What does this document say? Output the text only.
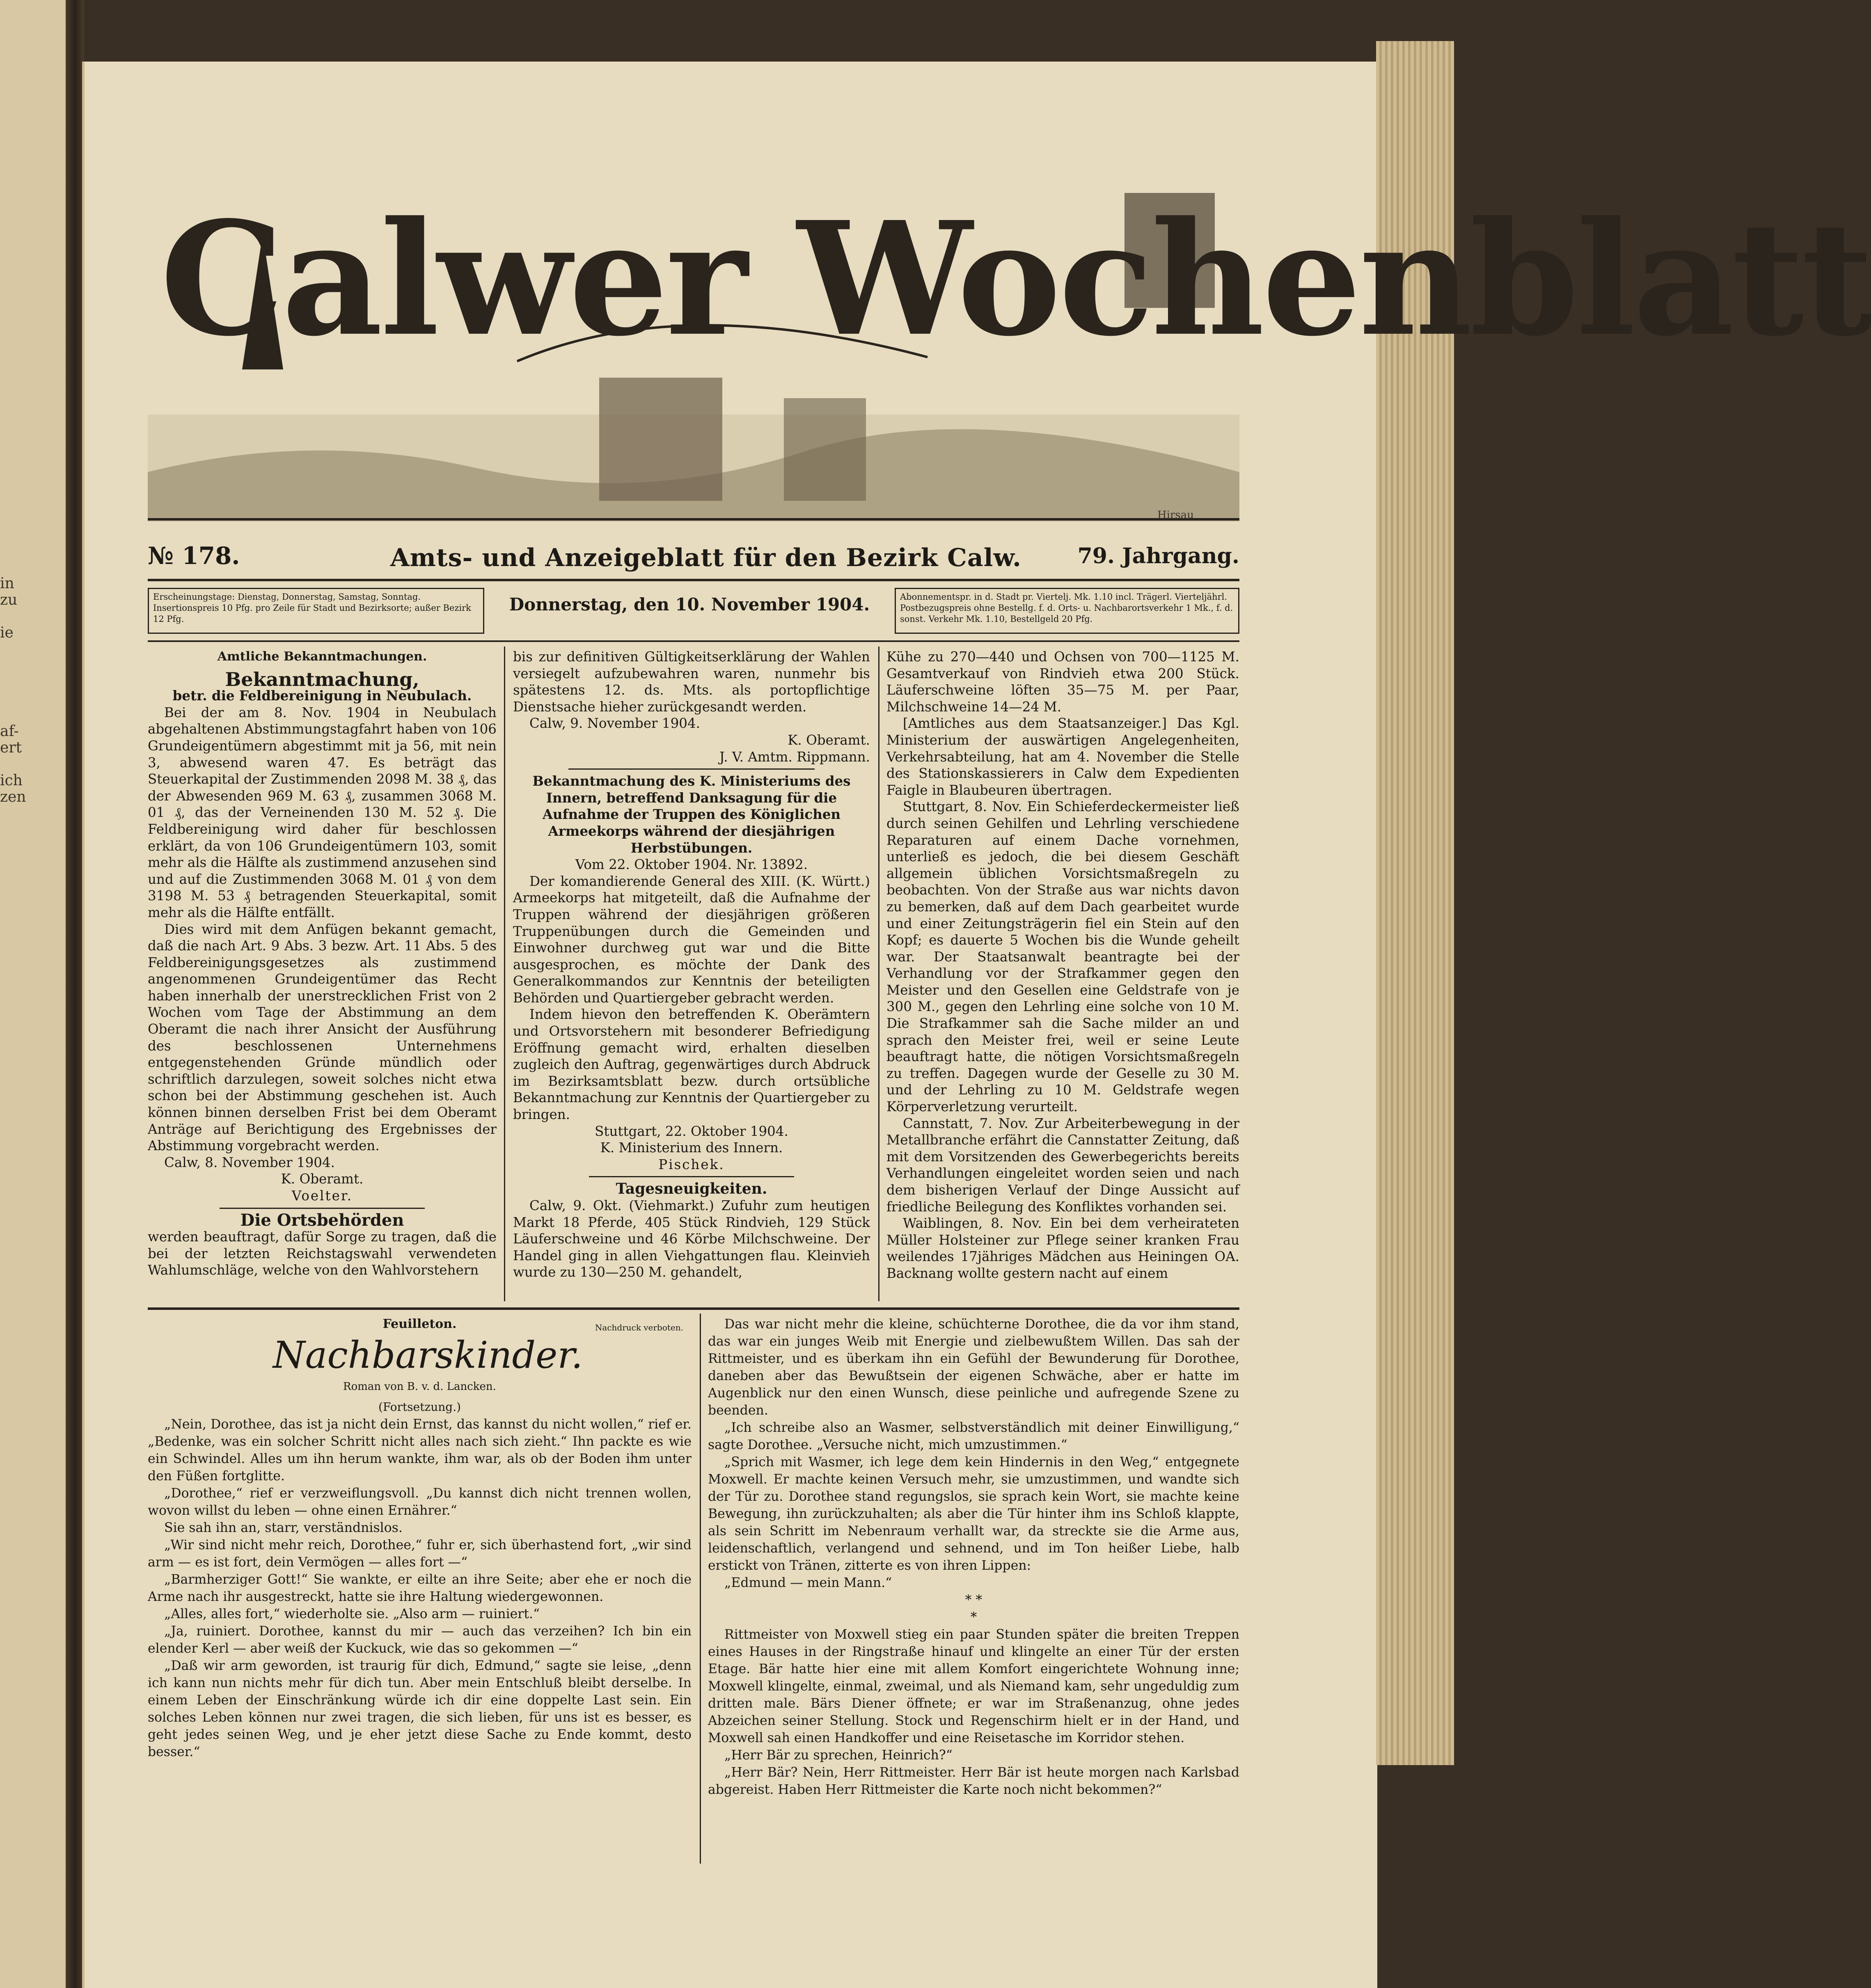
in
zu
ie
af-
ert
ich
zen
Calwer Wochenblatt
Hirsau
№ 178.	Amts- und Anzeigeblatt für den Bezirk Calw.	79. Jahrgang.
Erscheinungstage: Dienstag, Donnerstag, Samstag, Sonntag. Insertionspreis 10 Pfg. pro Zeile für Stadt und Bezirksorte; außer Bezirk 12 Pfg.
Donnerstag, den 10. November 1904.	Abonnementspr. in d. Stadt pr. Viertelj. Mk. 1.10 incl. Trägerl. Vierteljährl. Postbezugspreis ohne Bestellg. f. d. Orts- u. Nachbarortsverkehr 1 Mk., f. d. sonst. Verkehr Mk. 1.10, Bestellgeld 20 Pfg.

Amtliche Bekanntmachungen.

Bekanntmachung,

betr. die Feldbereinigung in Neubulach.

Bei der am 8. Nov. 1904 in Neubulach abgehaltenen Abstimmungstagfahrt haben von 106 Grundeigentümern abgestimmt mit ja 56, mit nein 3, abwesend waren 47. Es beträgt das Steuerkapital der Zustimmenden 2098 M. 38 ₰, das der Abwesenden 969 M. 63 ₰, zusammen 3068 M. 01 ₰, das der Verneinenden 130 M. 52 ₰. Die Feldbereinigung wird daher für beschlossen erklärt, da von 106 Grundeigentümern 103, somit mehr als die Hälfte als zustimmend anzusehen sind und auf die Zustimmenden 3068 M. 01 ₰ von dem 3198 M. 53 ₰ betragenden Steuerkapital, somit mehr als die Hälfte entfällt.

Dies wird mit dem Anfügen bekannt gemacht, daß die nach Art. 9 Abs. 3 bezw. Art. 11 Abs. 5 des Feldbereinigungsgesetzes als zustimmend angenommenen Grundeigentümer das Recht haben innerhalb der unerstrecklichen Frist von 2 Wochen vom Tage der Abstimmung an dem Oberamt die nach ihrer Ansicht der Ausführung des beschlossenen Unternehmens entgegenstehenden Gründe mündlich oder schriftlich darzulegen, soweit solches nicht etwa schon bei der Abstimmung geschehen ist. Auch können binnen derselben Frist bei dem Oberamt Anträge auf Berichtigung des Ergebnisses der Abstimmung vorgebracht werden.

Calw, 8. November 1904.

K. Oberamt.

Voelter.

Die Ortsbehörden

werden beauftragt, dafür Sorge zu tragen, daß die bei der letzten Reichstagswahl verwendeten Wahlumschläge, welche von den Wahlvorstehern

bis zur definitiven Gültigkeitserklärung der Wahlen versiegelt aufzubewahren waren, nunmehr bis spätestens 12. ds. Mts. als portopflichtige Dienstsache hieher zurückgesandt werden.

Calw, 9. November 1904.

K. Oberamt.

J. V. Amtm. Rippmann.

Bekanntmachung des K. Ministeriums des Innern, betreffend Danksagung für die Aufnahme der Truppen des Königlichen Armeekorps während der diesjährigen Herbstübungen.

Vom 22. Oktober 1904. Nr. 13892.

Der komandierende General des XIII. (K. Württ.) Armeekorps hat mitgeteilt, daß die Aufnahme der Truppen während der diesjährigen größeren Truppenübungen durch die Gemeinden und Einwohner durchweg gut war und die Bitte ausgesprochen, es möchte der Dank des Generalkommandos zur Kenntnis der beteiligten Behörden und Quartiergeber gebracht werden.

Indem hievon den betreffenden K. Oberämtern und Ortsvorstehern mit besonderer Befriedigung Eröffnung gemacht wird, erhalten dieselben zugleich den Auftrag, gegenwärtiges durch Abdruck im Bezirksamtsblatt bezw. durch ortsübliche Bekanntmachung zur Kenntnis der Quartiergeber zu bringen.

Stuttgart, 22. Oktober 1904.

K. Ministerium des Innern.

Pischek.

Tagesneuigkeiten.

Calw, 9. Okt. (Viehmarkt.) Zufuhr zum heutigen Markt 18 Pferde, 405 Stück Rindvieh, 129 Stück Läuferschweine und 46 Körbe Milchschweine. Der Handel ging in allen Viehgattungen flau. Kleinvieh wurde zu 130—250 M. gehandelt,

Kühe zu 270—440 und Ochsen von 700—1125 M. Gesamtverkauf von Rindvieh etwa 200 Stück. Läuferschweine löften 35—75 M. per Paar, Milchschweine 14—24 M.

[Amtliches aus dem Staatsanzeiger.] Das Kgl. Ministerium der auswärtigen Angelegenheiten, Verkehrsabteilung, hat am 4. November die Stelle des Stationskassierers in Calw dem Expedienten Faigle in Blaubeuren übertragen.

Stuttgart, 8. Nov. Ein Schieferdeckermeister ließ durch seinen Gehilfen und Lehrling verschiedene Reparaturen auf einem Dache vornehmen, unterließ es jedoch, die bei diesem Geschäft allgemein üblichen Vorsichtsmaßregeln zu beobachten. Von der Straße aus war nichts davon zu bemerken, daß auf dem Dach gearbeitet wurde und einer Zeitungsträgerin fiel ein Stein auf den Kopf; es dauerte 5 Wochen bis die Wunde geheilt war. Der Staatsanwalt beantragte bei der Verhandlung vor der Strafkammer gegen den Meister und den Gesellen eine Geldstrafe von je 300 M., gegen den Lehrling eine solche von 10 M. Die Strafkammer sah die Sache milder an und sprach den Meister frei, weil er seine Leute beauftragt hatte, die nötigen Vorsichtsmaßregeln zu treffen. Dagegen wurde der Geselle zu 30 M. und der Lehrling zu 10 M. Geldstrafe wegen Körperverletzung verurteilt.

Cannstatt, 7. Nov. Zur Arbeiterbewegung in der Metallbranche erfährt die Cannstatter Zeitung, daß mit dem Vorsitzenden des Gewerbegerichts bereits Verhandlungen eingeleitet worden seien und nach dem bisherigen Verlauf der Dinge Aussicht auf friedliche Beilegung des Konfliktes vorhanden sei.

Waiblingen, 8. Nov. Ein bei dem verheirateten Müller Holsteiner zur Pflege seiner kranken Frau weilendes 17jähriges Mädchen aus Heiningen OA. Backnang wollte gestern nacht auf einem

Feuilleton.	Nachdruck verboten.

Nachbarskinder.

Roman von B. v. d. Lancken.

(Fortsetzung.)

„Nein, Dorothee, das ist ja nicht dein Ernst, das kannst du nicht wollen,“ rief er. „Bedenke, was ein solcher Schritt nicht alles nach sich zieht.“ Ihn packte es wie ein Schwindel. Alles um ihn herum wankte, ihm war, als ob der Boden ihm unter den Füßen fortglitte.

„Dorothee,“ rief er verzweiflungsvoll. „Du kannst dich nicht trennen wollen, wovon willst du leben — ohne einen Ernährer.“

Sie sah ihn an, starr, verständnislos.

„Wir sind nicht mehr reich, Dorothee,“ fuhr er, sich überhastend fort, „wir sind arm — es ist fort, dein Vermögen — alles fort —“

„Barmherziger Gott!“ Sie wankte, er eilte an ihre Seite; aber ehe er noch die Arme nach ihr ausgestreckt, hatte sie ihre Haltung wiedergewonnen.

„Alles, alles fort,“ wiederholte sie. „Also arm — ruiniert.“

„Ja, ruiniert. Dorothee, kannst du mir — auch das verzeihen? Ich bin ein elender Kerl — aber weiß der Kuckuck, wie das so gekommen —“

„Daß wir arm geworden, ist traurig für dich, Edmund,“ sagte sie leise, „denn ich kann nun nichts mehr für dich tun. Aber mein Entschluß bleibt derselbe. In einem Leben der Einschränkung würde ich dir eine doppelte Last sein. Ein solches Leben können nur zwei tragen, die sich lieben, für uns ist es besser, es geht jedes seinen Weg, und je eher jetzt diese Sache zu Ende kommt, desto besser.“

Das war nicht mehr die kleine, schüchterne Dorothee, die da vor ihm stand, das war ein junges Weib mit Energie und zielbewußtem Willen. Das sah der Rittmeister, und es überkam ihn ein Gefühl der Bewunderung für Dorothee, daneben aber das Bewußtsein der eigenen Schwäche, aber er hatte im Augenblick nur den einen Wunsch, diese peinliche und aufregende Szene zu beenden.

„Ich schreibe also an Wasmer, selbstverständlich mit deiner Einwilligung,“ sagte Dorothee. „Versuche nicht, mich umzustimmen.“

„Sprich mit Wasmer, ich lege dem kein Hindernis in den Weg,“ entgegnete Moxwell. Er machte keinen Versuch mehr, sie umzustimmen, und wandte sich der Tür zu. Dorothee stand regungslos, sie sprach kein Wort, sie machte keine Bewegung, ihn zurückzuhalten; als aber die Tür hinter ihm ins Schloß klappte, als sein Schritt im Nebenraum verhallt war, da streckte sie die Arme aus, leidenschaftlich, verlangend und sehnend, und im Ton heißer Liebe, halb erstickt von Tränen, zitterte es von ihren Lippen:

„Edmund — mein Mann.“

* *

*

Rittmeister von Moxwell stieg ein paar Stunden später die breiten Treppen eines Hauses in der Ringstraße hinauf und klingelte an einer Tür der ersten Etage. Bär hatte hier eine mit allem Komfort eingerichtete Wohnung inne; Moxwell klingelte, einmal, zweimal, und als Niemand kam, sehr ungeduldig zum dritten male. Bärs Diener öffnete; er war im Straßenanzug, ohne jedes Abzeichen seiner Stellung. Stock und Regenschirm hielt er in der Hand, und Moxwell sah einen Handkoffer und eine Reisetasche im Korridor stehen.

„Herr Bär zu sprechen, Heinrich?“

„Herr Bär? Nein, Herr Rittmeister. Herr Bär ist heute morgen nach Karlsbad abgereist. Haben Herr Rittmeister die Karte noch nicht bekommen?“
